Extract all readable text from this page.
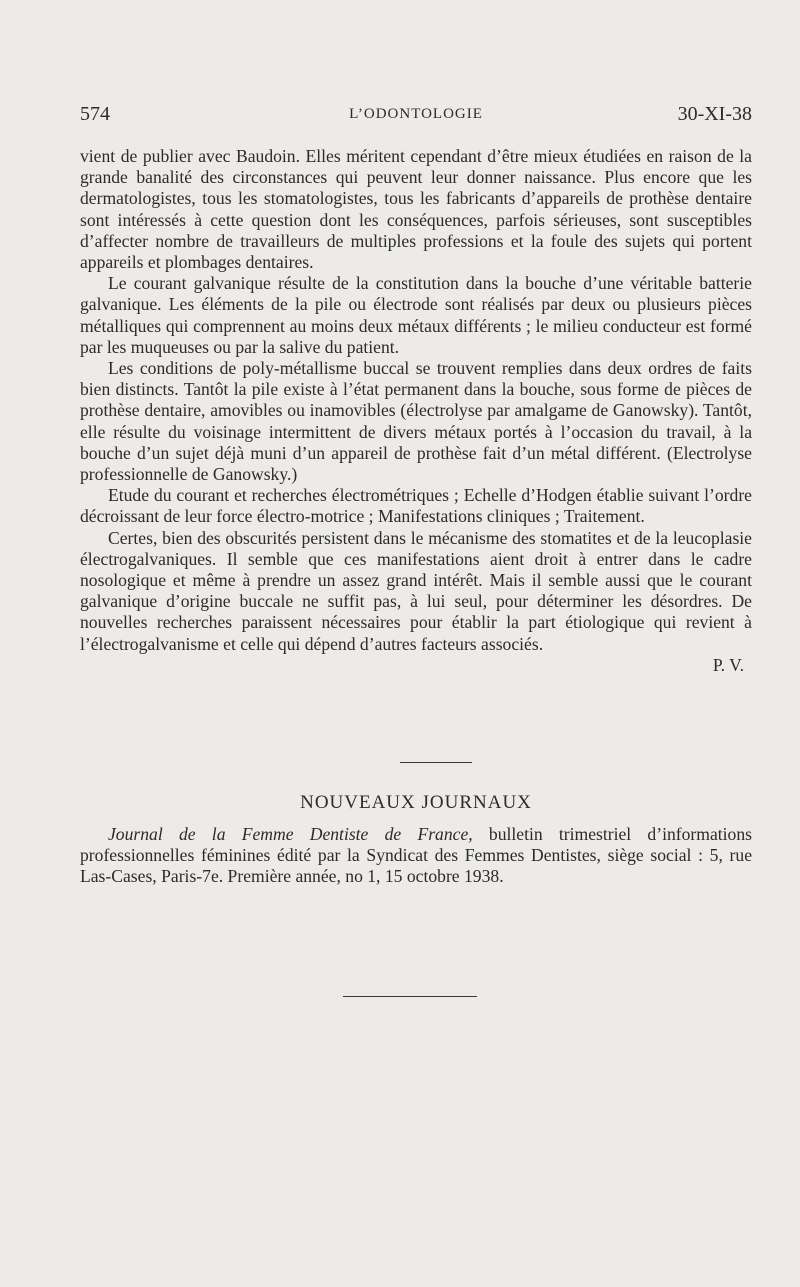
574	L’ODONTOLOGIE	30-XI-38

vient de publier avec Baudoin. Elles méritent cependant d’être mieux étudiées en raison de la grande banalité des circonstances qui peuvent leur donner naissance. Plus encore que les dermatologistes, tous les stomatologistes, tous les fabricants d’appareils de prothèse dentaire sont intéressés à cette question dont les conséquences, parfois sérieuses, sont susceptibles d’affecter nombre de travailleurs de multiples professions et la foule des sujets qui portent appareils et plombages dentaires.

Le courant galvanique résulte de la constitution dans la bouche d’une véritable batterie galvanique. Les éléments de la pile ou électrode sont réalisés par deux ou plusieurs pièces métalliques qui comprennent au moins deux métaux différents ; le milieu conducteur est formé par les muqueuses ou par la salive du patient.

Les conditions de poly-métallisme buccal se trouvent remplies dans deux ordres de faits bien distincts. Tantôt la pile existe à l’état permanent dans la bouche, sous forme de pièces de prothèse dentaire, amovibles ou inamovibles (électrolyse par amalgame de Ganowsky). Tantôt, elle résulte du voisinage intermittent de divers métaux portés à l’occasion du travail, à la bouche d’un sujet déjà muni d’un appareil de prothèse fait d’un métal différent. (Electrolyse professionnelle de Ganowsky.)

Etude du courant et recherches électrométriques ; Echelle d’Hodgen établie suivant l’ordre décroissant de leur force électro-motrice ; Manifestations cliniques ; Traitement.

Certes, bien des obscurités persistent dans le mécanisme des stomatites et de la leucoplasie électrogalvaniques. Il semble que ces manifestations aient droit à entrer dans le cadre nosologique et même à prendre un assez grand intérêt. Mais il semble aussi que le courant galvanique d’origine buccale ne suffit pas, à lui seul, pour déterminer les désordres. De nouvelles recherches paraissent nécessaires pour établir la part étiologique qui revient à l’électrogalvanisme et celle qui dépend d’autres facteurs associés.

P. V.

NOUVEAUX JOURNAUX

Journal de la Femme Dentiste de France, bulletin trimestriel d’informations professionnelles féminines édité par la Syndicat des Femmes Dentistes, siège social : 5, rue Las-Cases, Paris-7e. Première année, no 1, 15 octobre 1938.
